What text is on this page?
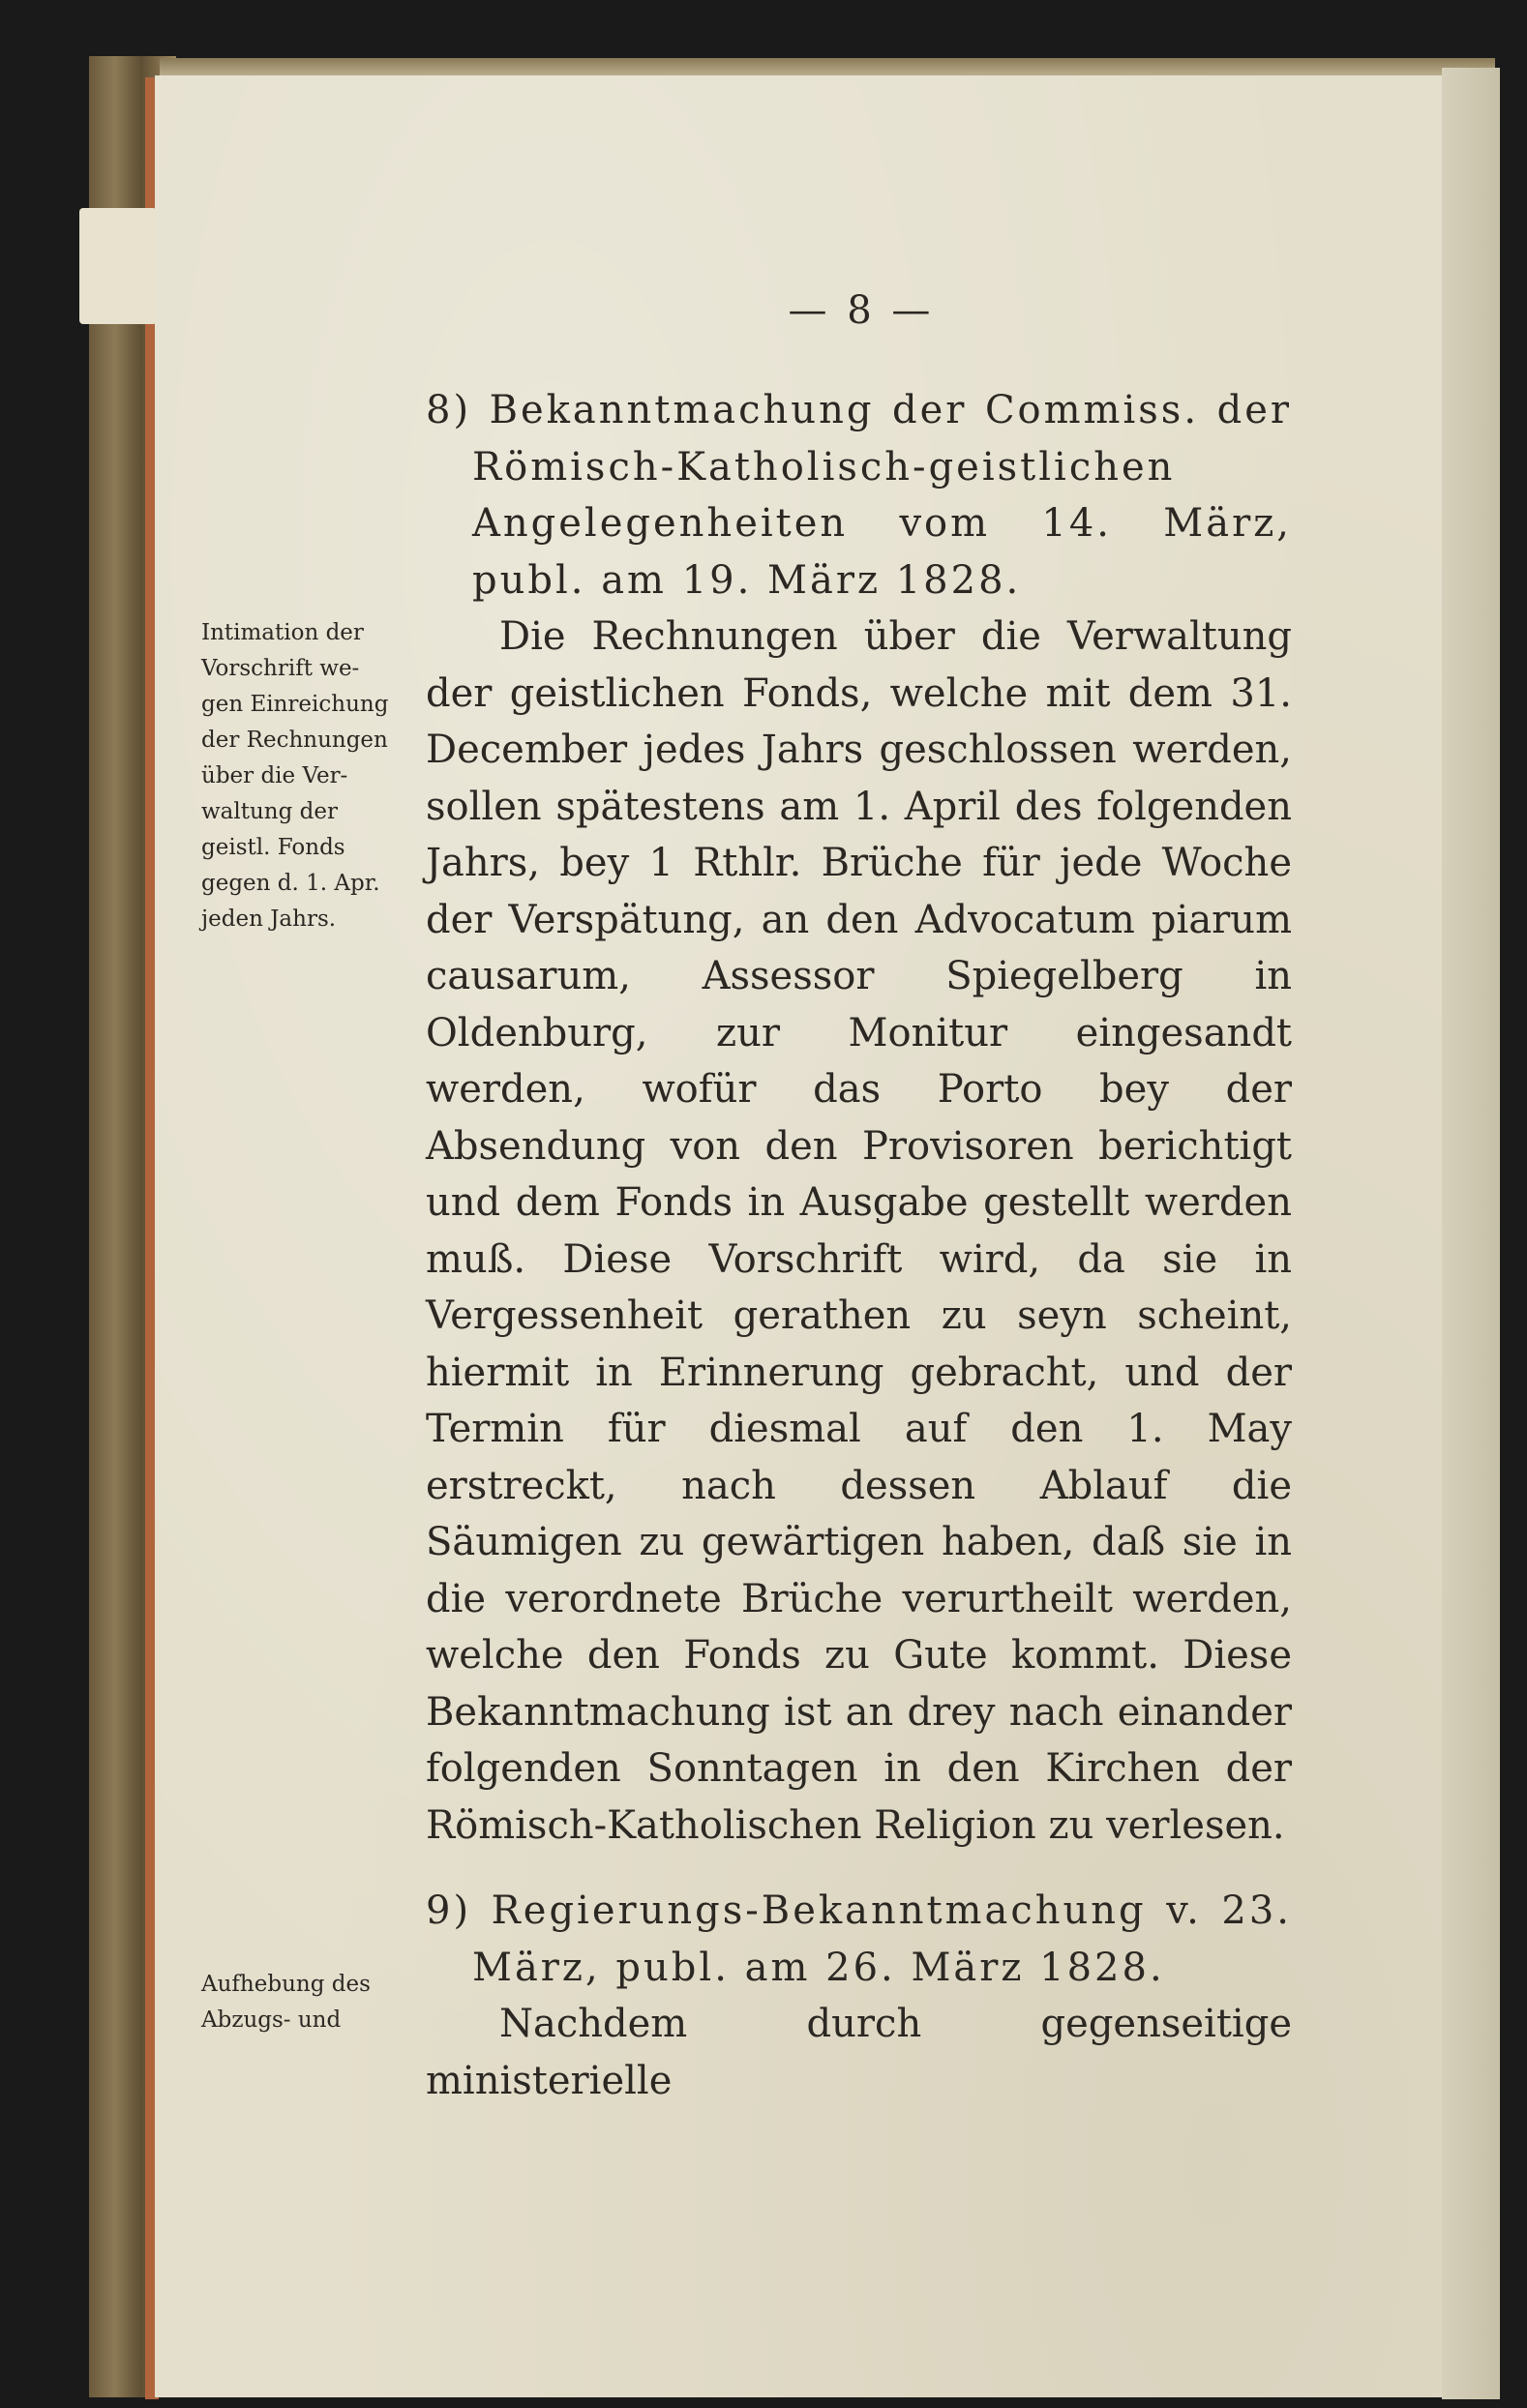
— 8 —
Intimation der
Vorschrift we-
gen Einreichung
der Rechnungen
über die Ver-
waltung der
geistl. Fonds
gegen d. 1. Apr.
jeden Jahrs.
Aufhebung des
Abzugs- und

8) Bekanntmachung der Commiss. der Römisch-Katholisch-geistlichen Angelegenheiten vom 14. März, publ. am 19. März 1828.

Die Rechnungen über die Verwaltung der geistlichen Fonds, welche mit dem 31. December jedes Jahrs geschlossen werden, sollen spätestens am 1. April des folgenden Jahrs, bey 1 Rthlr. Brüche für jede Woche der Verspätung, an den Advocatum piarum causarum, Assessor Spiegelberg in Oldenburg, zur Monitur eingesandt werden, wofür das Porto bey der Absendung von den Provisoren berichtigt und dem Fonds in Ausgabe gestellt werden muß. Diese Vorschrift wird, da sie in Vergessenheit gerathen zu seyn scheint, hiermit in Erinnerung gebracht, und der Termin für diesmal auf den 1. May erstreckt, nach dessen Ablauf die Säumigen zu gewärtigen haben, daß sie in die verordnete Brüche verurtheilt werden, welche den Fonds zu Gute kommt. Diese Bekanntmachung ist an drey nach einander folgenden Sonntagen in den Kirchen der Römisch-Katholischen Religion zu verlesen.

9) Regierungs-Bekanntmachung v. 23. März, publ. am 26. März 1828.

Nachdem durch gegenseitige ministerielle
